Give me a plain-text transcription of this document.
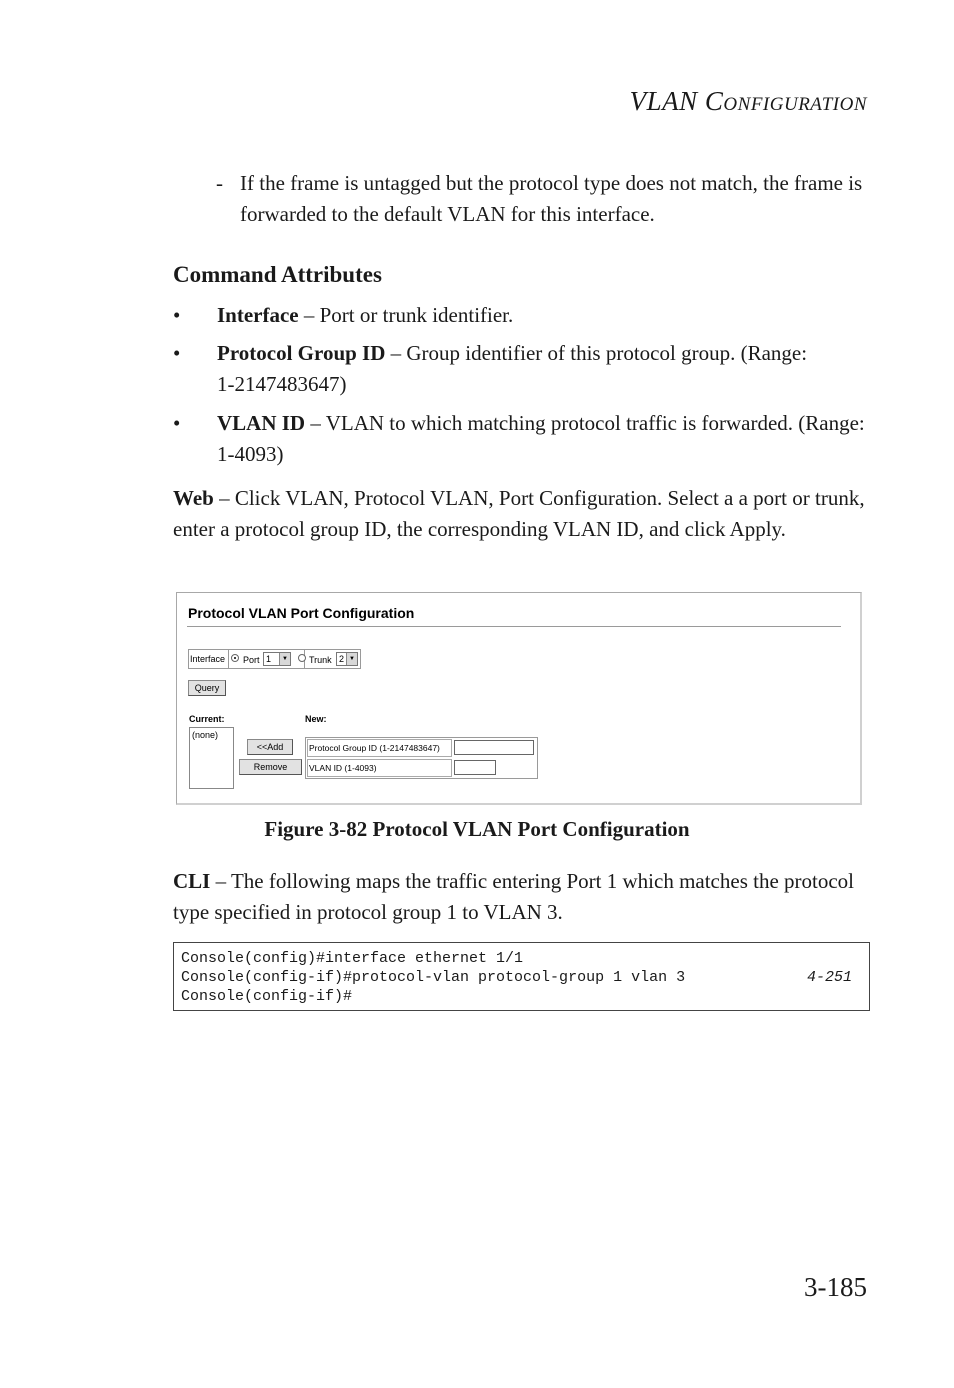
VLAN CONFIGURATION
- If the frame is untagged but the protocol type does not match, the frame is forwarded to the default VLAN for this interface.
Command Attributes
• Interface – Port or trunk identifier.
• Protocol Group ID – Group identifier of this protocol group. (Range: 1-2147483647)
• VLAN ID – VLAN to which matching protocol traffic is forwarded. (Range: 1-4093)
Web – Click VLAN, Protocol VLAN, Port Configuration. Select a a port or trunk, enter a protocol group ID, the corresponding VLAN ID, and click Apply.
Protocol VLAN Port Configuration
Interface Port 1	▼ Trunk 2 ▼
Query
Current:	New:
(none)
<<Add
Remove
Protocol Group ID (1-2147483647)
VLAN ID (1-4093)
Figure 3-82 Protocol VLAN Port Configuration
CLI – The following maps the traffic entering Port 1 which matches the protocol type specified in protocol group 1 to VLAN 3.
Console(config)#interface ethernet 1/1
Console(config-if)#protocol-vlan protocol-group 1 vlan 3	4-251
Console(config-if)#
3-185
